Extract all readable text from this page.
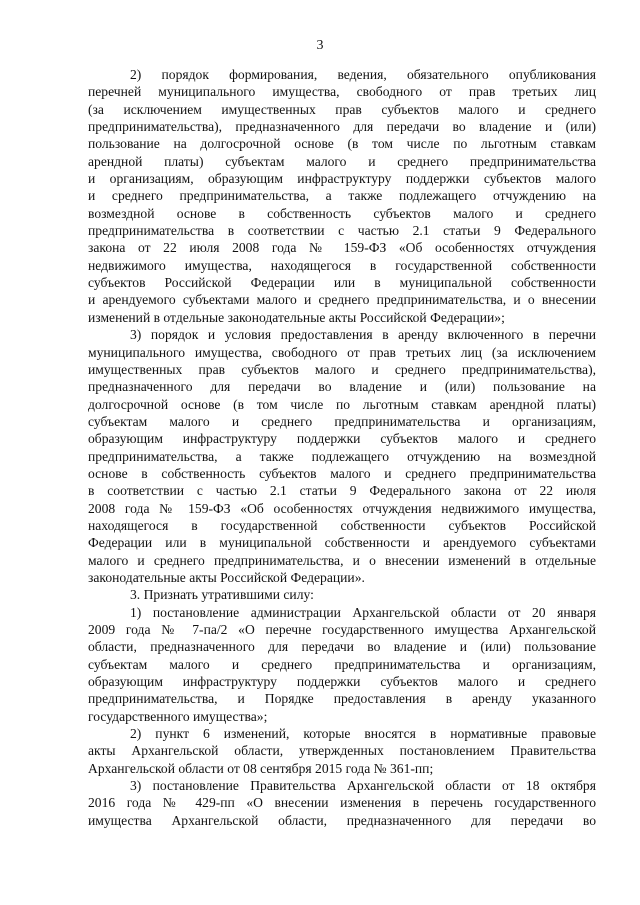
3
2) порядок формирования, ведения, обязательного опубликования
перечней муниципального имущества, свободного от прав третьих лиц
(за исключением имущественных прав субъектов малого и среднего
предпринимательства), предназначенного для передачи во владение и (или)
пользование на долгосрочной основе (в том числе по льготным ставкам
арендной платы) субъектам малого и среднего предпринимательства
и организациям, образующим инфраструктуру поддержки субъектов малого
и среднего предпринимательства, а также подлежащего отчуждению на
возмездной основе в собственность субъектов малого и среднего
предпринимательства в соответствии с частью 2.1 статьи 9 Федерального
закона от 22 июля 2008 года № 159-ФЗ «Об особенностях отчуждения
недвижимого имущества, находящегося в государственной собственности
субъектов Российской Федерации или в муниципальной собственности
и арендуемого субъектами малого и среднего предпринимательства, и о внесении
изменений в отдельные законодательные акты Российской Федерации»;
3) порядок и условия предоставления в аренду включенного в перечни
муниципального имущества, свободного от прав третьих лиц (за исключением
имущественных прав субъектов малого и среднего предпринимательства),
предназначенного для передачи во владение и (или) пользование на
долгосрочной основе (в том числе по льготным ставкам арендной платы)
субъектам малого и среднего предпринимательства и организациям,
образующим инфраструктуру поддержки субъектов малого и среднего
предпринимательства, а также подлежащего отчуждению на возмездной
основе в собственность субъектов малого и среднего предпринимательства
в соответствии с частью 2.1 статьи 9 Федерального закона от 22 июля
2008 года № 159-ФЗ «Об особенностях отчуждения недвижимого имущества,
находящегося в государственной собственности субъектов Российской
Федерации или в муниципальной собственности и арендуемого субъектами
малого и среднего предпринимательства, и о внесении изменений в отдельные
законодательные акты Российской Федерации».
3. Признать утратившими силу:
1) постановление администрации Архангельской области от 20 января
2009 года № 7-па/2 «О перечне государственного имущества Архангельской
области, предназначенного для передачи во владение и (или) пользование
субъектам малого и среднего предпринимательства и организациям,
образующим инфраструктуру поддержки субъектов малого и среднего
предпринимательства, и Порядке предоставления в аренду указанного
государственного имущества»;
2) пункт 6 изменений, которые вносятся в нормативные правовые
акты Архангельской области, утвержденных постановлением Правительства
Архангельской области от 08 сентября 2015 года № 361-пп;
3) постановление Правительства Архангельской области от 18 октября
2016 года № 429-пп «О внесении изменения в перечень государственного
имущества Архангельской области, предназначенного для передачи во
